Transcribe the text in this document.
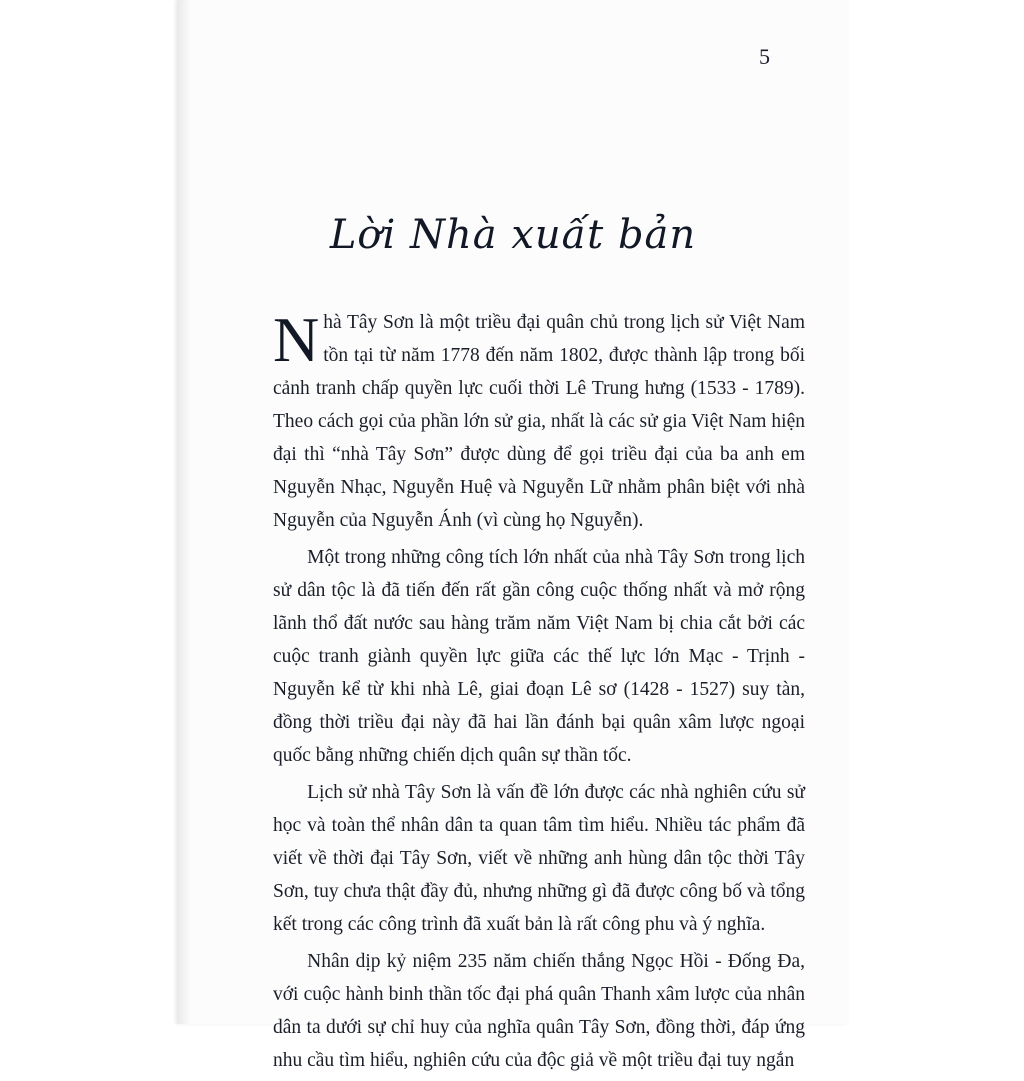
5
Lời Nhà xuất bản

N hà Tây Sơn là một triều đại quân chủ trong lịch sử Việt Nam tồn tại từ năm 1778 đến năm 1802, được thành lập trong bối cảnh tranh chấp quyền lực cuối thời Lê Trung hưng (1533 - 1789). Theo cách gọi của phần lớn sử gia, nhất là các sử gia Việt Nam hiện đại thì “nhà Tây Sơn” được dùng để gọi triều đại của ba anh em Nguyễn Nhạc, Nguyễn Huệ và Nguyễn Lữ nhằm phân biệt với nhà Nguyễn của Nguyễn Ánh (vì cùng họ Nguyễn).

Một trong những công tích lớn nhất của nhà Tây Sơn trong lịch sử dân tộc là đã tiến đến rất gần công cuộc thống nhất và mở rộng lãnh thổ đất nước sau hàng trăm năm Việt Nam bị chia cắt bởi các cuộc tranh giành quyền lực giữa các thế lực lớn Mạc - Trịnh - Nguyễn kể từ khi nhà Lê, giai đoạn Lê sơ (1428 - 1527) suy tàn, đồng thời triều đại này đã hai lần đánh bại quân xâm lược ngoại quốc bằng những chiến dịch quân sự thần tốc.

Lịch sử nhà Tây Sơn là vấn đề lớn được các nhà nghiên cứu sử học và toàn thể nhân dân ta quan tâm tìm hiểu. Nhiều tác phẩm đã viết về thời đại Tây Sơn, viết về những anh hùng dân tộc thời Tây Sơn, tuy chưa thật đầy đủ, nhưng những gì đã được công bố và tổng kết trong các công trình đã xuất bản là rất công phu và ý nghĩa.

Nhân dịp kỷ niệm 235 năm chiến thắng Ngọc Hồi - Đống Đa, với cuộc hành binh thần tốc đại phá quân Thanh xâm lược của nhân dân ta dưới sự chỉ huy của nghĩa quân Tây Sơn, đồng thời, đáp ứng nhu cầu tìm hiểu, nghiên cứu của độc giả về một triều đại tuy ngắn
